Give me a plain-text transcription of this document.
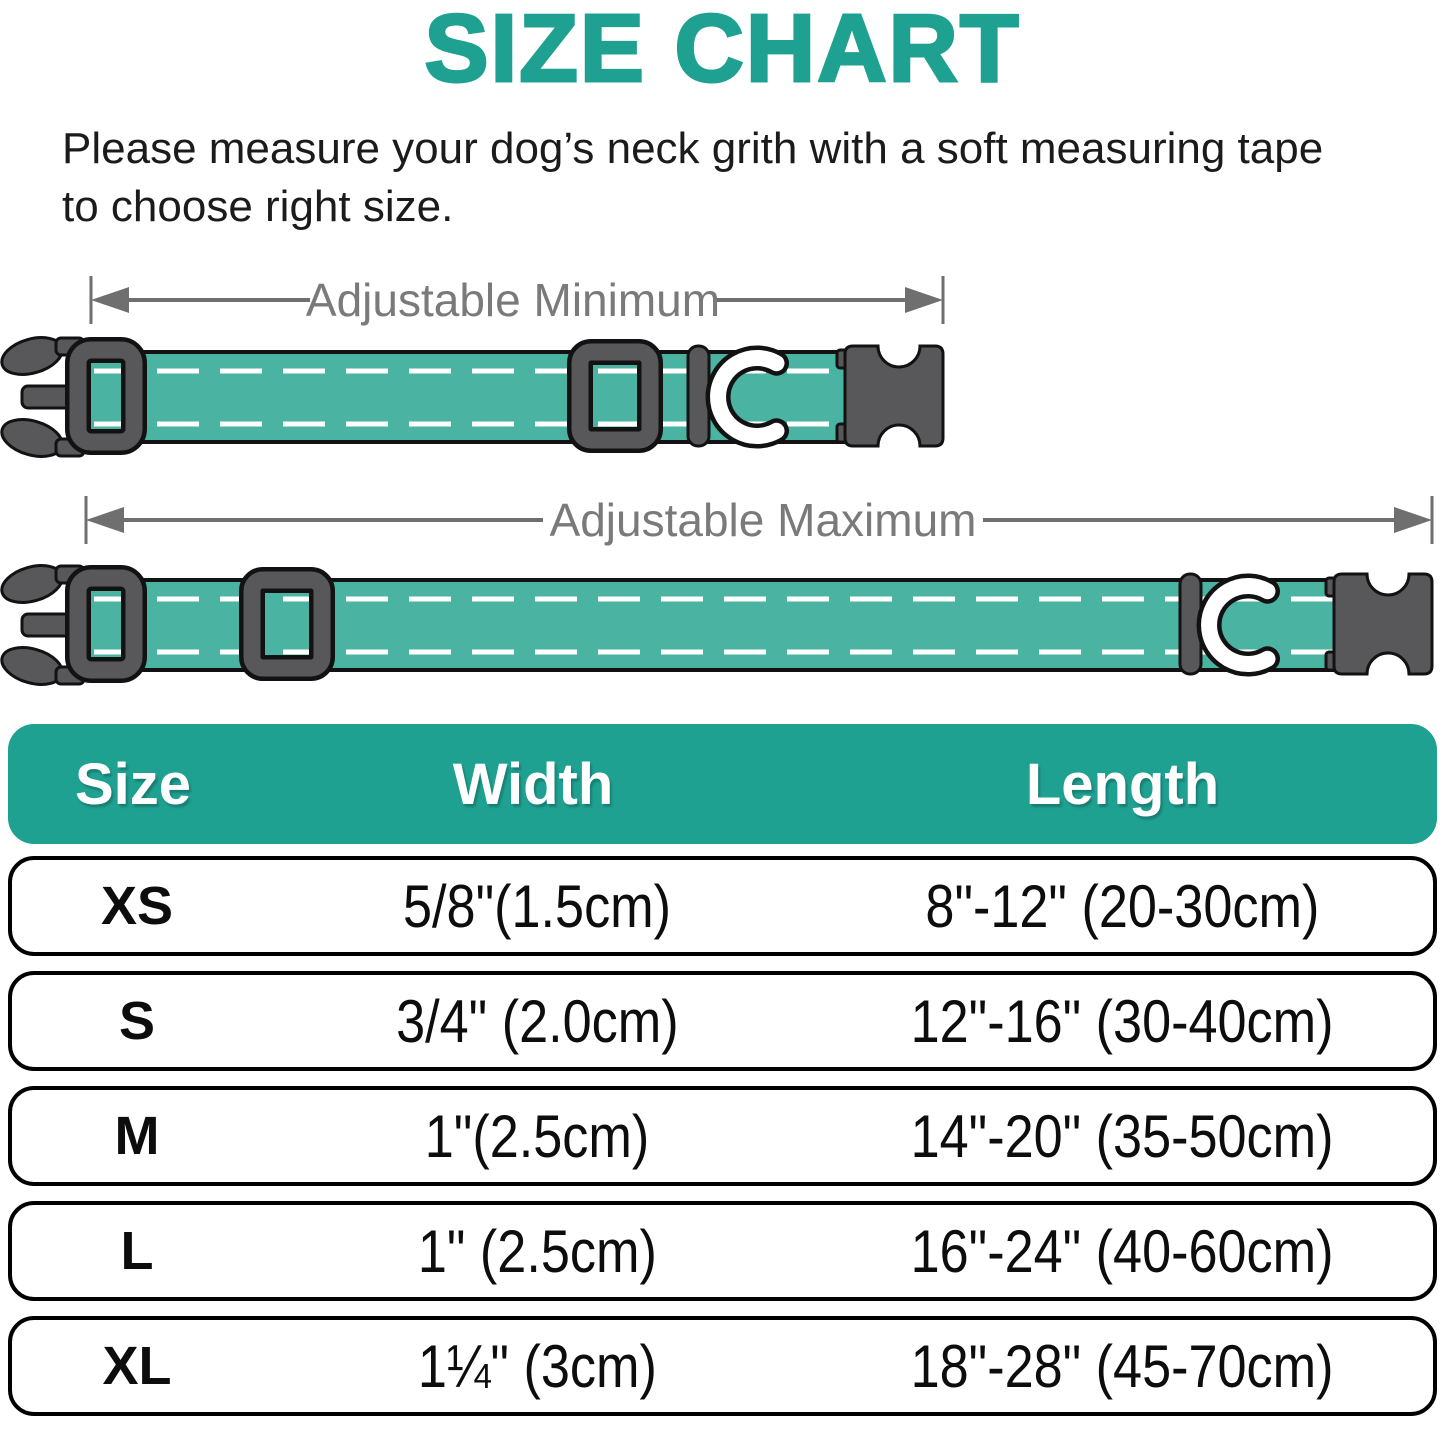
SIZE CHART
Please measure your dog’s neck grith with a soft measuring tape
to choose right size.
Adjustable Minimum
Adjustable Maximum
Size	Width	Length
XS	5/8"(1.5cm)	8"-12" (20-30cm)
S	3/4" (2.0cm)	12"-16" (30-40cm)
M	1"(2.5cm)	14"-20" (35-50cm)
L	1" (2.5cm)	16"-24" (40-60cm)
XL	1¼" (3cm)	18"-28" (45-70cm)
